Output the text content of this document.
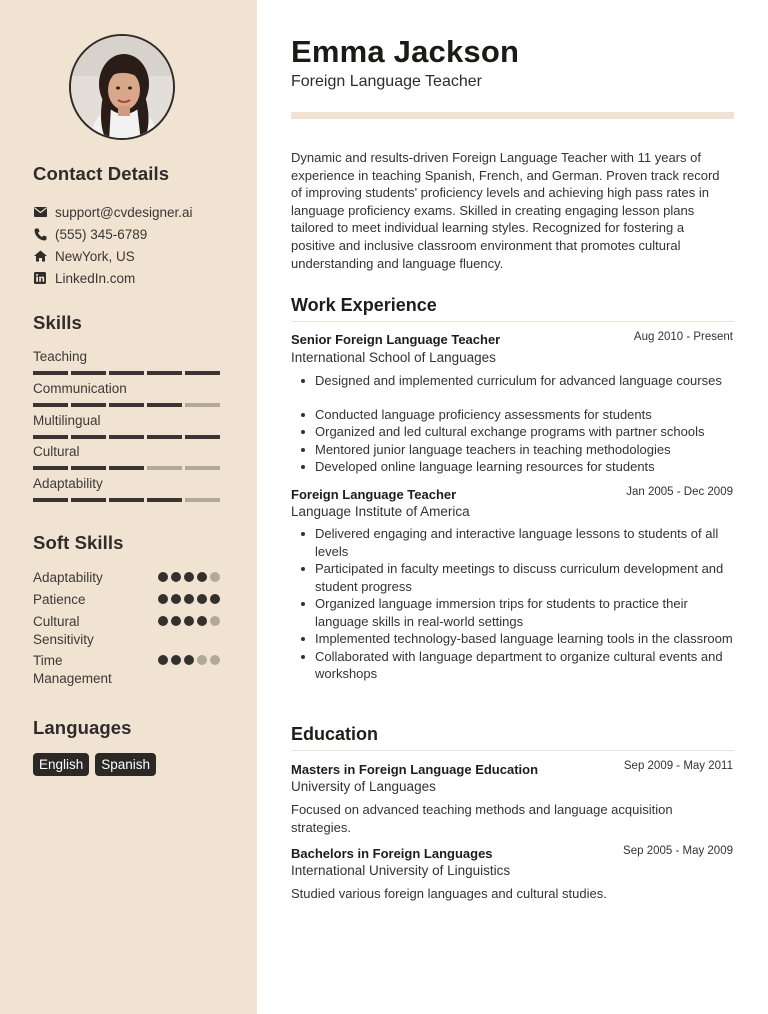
Contact Details
support@cvdesigner.ai
(555) 345-6789
NewYork, US
LinkedIn.com
Skills
Teaching
Communication
Multilingual
Cultural
Adaptability
Soft Skills
Adaptability
Patience
Cultural Sensitivity
Time Management
Languages
English	Spanish
Emma Jackson
Foreign Language Teacher
Dynamic and results-driven Foreign Language Teacher with 11 years of experience in teaching Spanish, French, and German. Proven track record of improving students' proficiency levels and achieving high pass rates in language proficiency exams. Skilled in creating engaging lesson plans tailored to meet individual learning styles. Recognized for fostering a positive and inclusive classroom environment that promotes cultural understanding and language fluency.
Work Experience
Senior Foreign Language Teacher	Aug 2010 - Present
International School of Languages
Designed and implemented curriculum for advanced language courses
Conducted language proficiency assessments for students
Organized and led cultural exchange programs with partner schools
Mentored junior language teachers in teaching methodologies
Developed online language learning resources for students
Foreign Language Teacher	Jan 2005 - Dec 2009
Language Institute of America
Delivered engaging and interactive language lessons to students of all levels
Participated in faculty meetings to discuss curriculum development and student progress
Organized language immersion trips for students to practice their language skills in real-world settings
Implemented technology-based language learning tools in the classroom
Collaborated with language department to organize cultural events and workshops
Education
Masters in Foreign Language Education	Sep 2009 - May 2011
University of Languages
Focused on advanced teaching methods and language acquisition strategies.
Bachelors in Foreign Languages	Sep 2005 - May 2009
International University of Linguistics
Studied various foreign languages and cultural studies.
